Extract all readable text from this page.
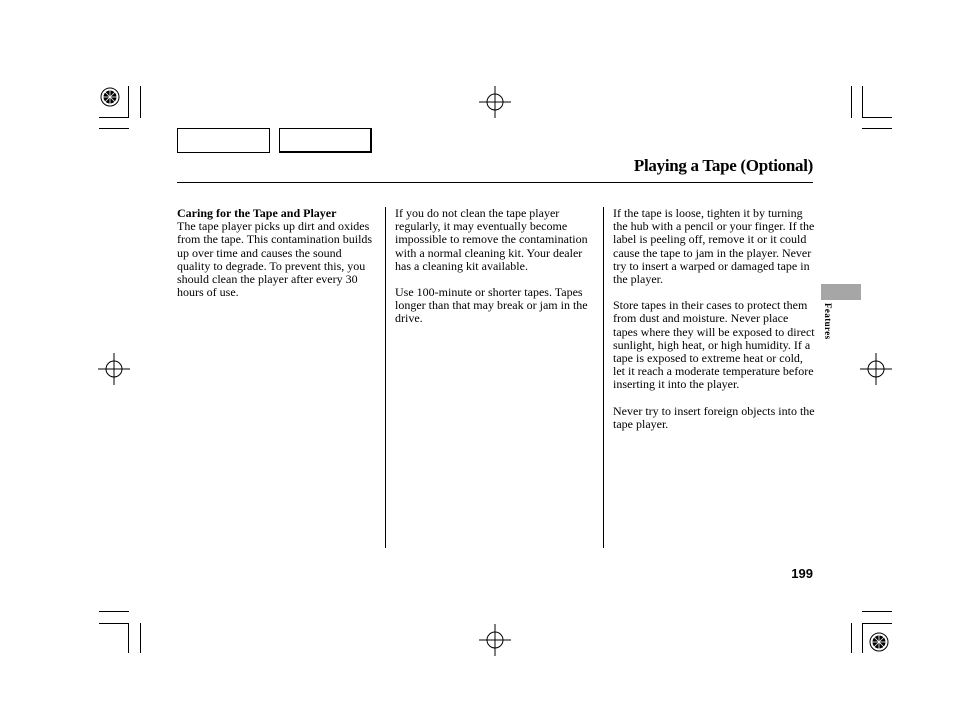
Playing a Tape (Optional)

Caring for the Tape and Player
The tape player picks up dirt and oxides from the tape. This contamination builds up over time and causes the sound quality to degrade. To prevent this, you should clean the player after every 30 hours of use.

If you do not clean the tape player regularly, it may eventually become impossible to remove the contamination with a normal cleaning kit. Your dealer has a cleaning kit available.

Use 100-minute or shorter tapes. Tapes longer than that may break or jam in the drive.

If the tape is loose, tighten it by turning the hub with a pencil or your finger. If the label is peeling off, remove it or it could cause the tape to jam in the player. Never try to insert a warped or damaged tape in the player.

Store tapes in their cases to protect them from dust and moisture. Never place tapes where they will be exposed to direct sunlight, high heat, or high humidity. If a tape is exposed to extreme heat or cold, let it reach a moderate temperature before inserting it into the player.

Never try to insert foreign objects into the tape player.

Features
199
